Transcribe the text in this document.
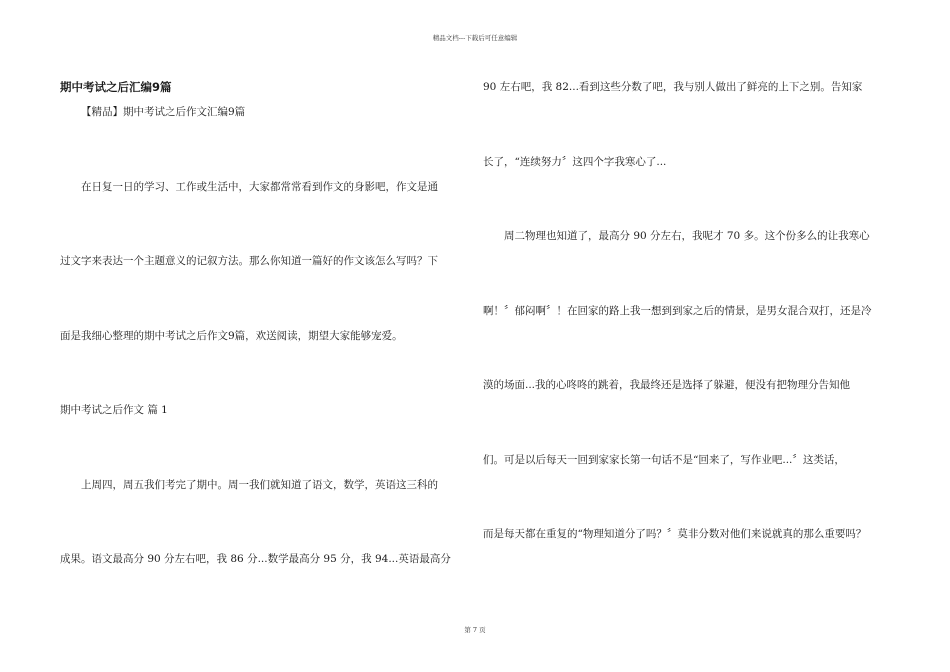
精品文档---下载后可任意编辑
期中考试之后汇编9篇
【精品】期中考试之后作文汇编9篇
在日复一日的学习、工作或生活中，大家都常常看到作文的身影吧，作文是通
过文字来表达一个主题意义的记叙方法。那么你知道一篇好的作文该怎么写吗？下
面是我细心整理的期中考试之后作文9篇，欢送阅读，期望大家能够宠爱。
期中考试之后作文 篇 1
上周四，周五我们考完了期中。周一我们就知道了语文，数学，英语这三科的
成果。语文最高分 90 分左右吧，我 86 分...数学最高分 95 分，我 94...英语最高分
90 左右吧，我 82...看到这些分数了吧，我与别人做出了鲜亮的上下之别。告知家
长了，“连续努力〞这四个字我寒心了...
周二物理也知道了，最高分 90 分左右，我呢才 70 多。这个份多么的让我寒心
啊！〞郁闷啊〞！在回家的路上我一想到到家之后的情景，是男女混合双打，还是冷
漠的场面...我的心咚咚的跳着，我最终还是选择了躲避，便没有把物理分告知他
们。可是以后每天一回到家家长第一句话不是“回来了，写作业吧...〞这类话，
而是每天都在重复的“物理知道分了吗？〞莫非分数对他们来说就真的那么重要吗？
第 7 页
